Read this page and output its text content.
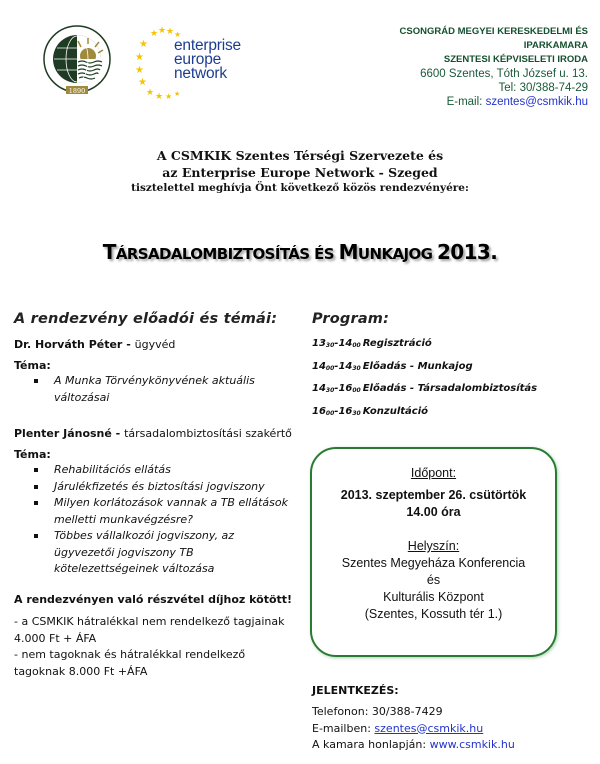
1890
★ ★ ★ ★
★
★
★
★
★ ★ ★ ★
enterprise
europe
network
CSONGRÁD MEGYEI KERESKEDELMI ÉS
IPARKAMARA
SZENTESI KÉPVISELETI IRODA
6600 Szentes, Tóth József u. 13.
Tel: 30/388-74-29
E-mail: szentes@csmkik.hu
A CSMKIK Szentes Térségi Szervezete és
az Enterprise Europe Network - Szeged
tisztelettel meghívja Önt következő közös rendezvényére:
TÁRSADALOMBIZTOSÍTÁS ÉS MUNKAJOG 2013.
A rendezvény előadói és témái:
Dr. Horváth Péter - ügyvéd
Téma:
A Munka Törvénykönyvének aktuális változásai
Plenter Jánosné - társadalombiztosítási szakértő
Téma:
Rehabilitációs ellátás
Járulékfizetés és biztosítási jogviszony
Milyen korlátozások vannak a TB ellátások melletti munkavégzésre?
Többes vállalkozói jogviszony, az ügyvezetői jogviszony TB kötelezettségeinek változása
A rendezvényen való részvétel díjhoz kötött!
- a CSMKIK hátralékkal nem rendelkező tagjainak 4.000 Ft + ÁFA
- nem tagoknak és hátralékkal rendelkező tagoknak 8.000 Ft +ÁFA
Program:
$13_{30}-14_{00}$ Regisztráció
$14_{00}-14_{30}$ Előadás - Munkajog
$14_{30}-16_{00}$ Előadás - Társadalombiztosítás
$16_{00}-16_{30}$ Konzultáció
Időpont:
2013. szeptember 26. csütörtök
14.00 óra
Helyszín:
Szentes Megyeháza Konferencia
és
Kulturális Központ
(Szentes, Kossuth tér 1.)
JELENTKEZÉS:
Telefonon: 30/388-7429
E-mailben: szentes@csmkik.hu
A kamara honlapján: www.csmkik.hu
